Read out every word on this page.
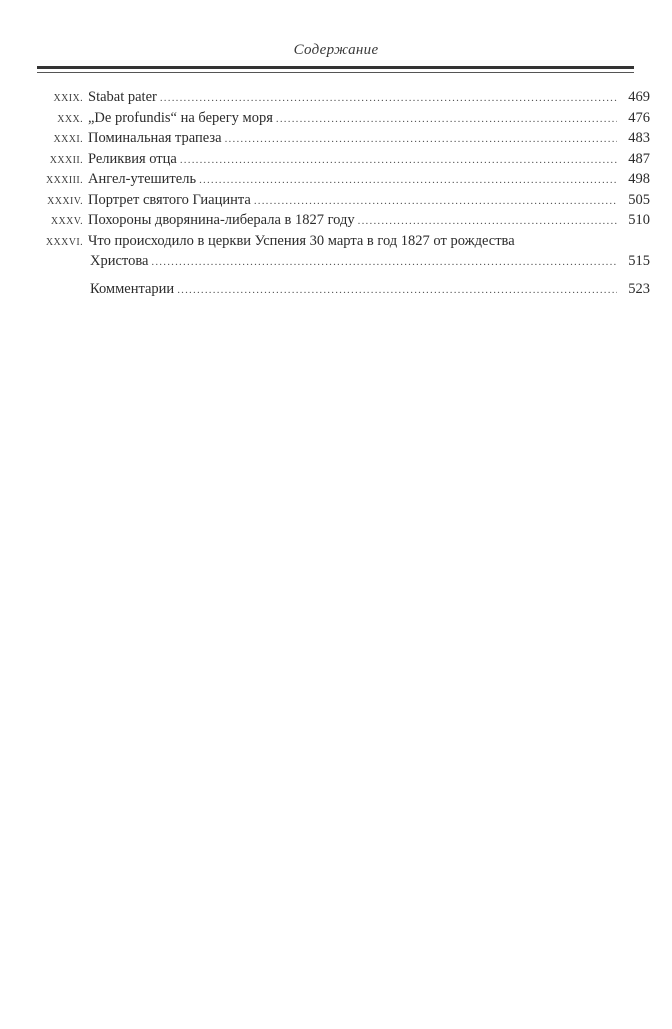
Содержание
XXIX. Stabat pater .....	469
XXX. „De profundis“ на берегу моря .....	476
XXXI. Поминальная трапеза .....	483
XXXII. Реликвия отца .....	487
XXXIII. Ангел-утешитель .....	498
XXXIV. Портрет святого Гиацинта .....	505
XXXV. Похороны дворянина-либерала в 1827 году .....	510
XXXVI. Что происходило в церкви Успения 30 марта в год 1827 от рождества
Христова .....	515
Комментарии .....	523
